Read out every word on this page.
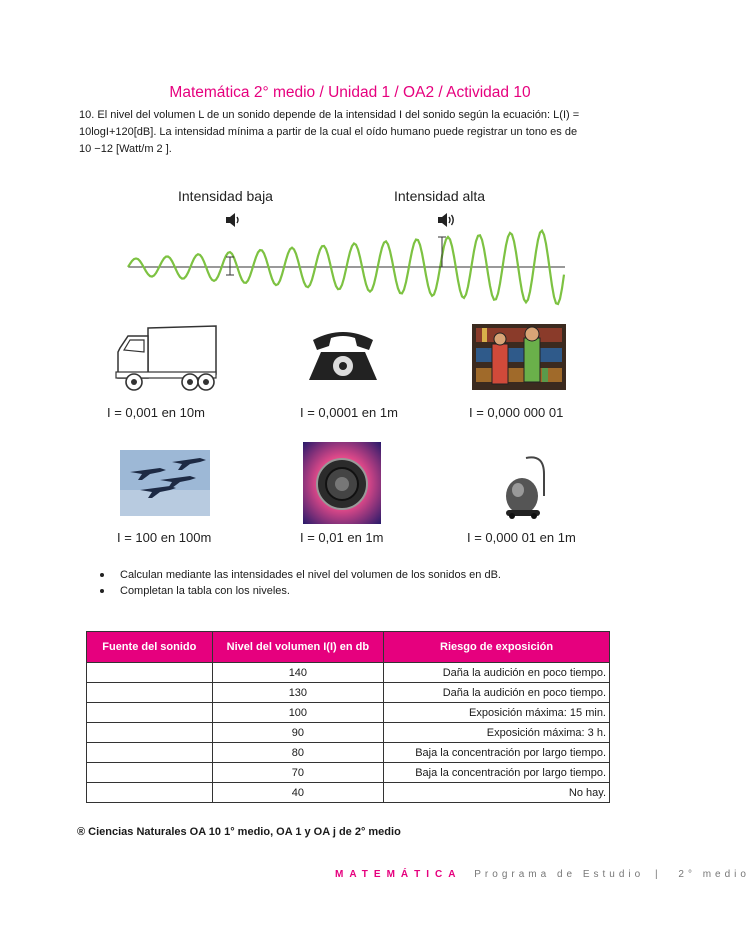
Matemática 2° medio / Unidad 1 / OA2 / Actividad 10
10. El nivel del volumen L de un sonido depende de la intensidad I del sonido según la ecuación: L(I) =
10logI+120[dB]. La intensidad mínima a partir de la cual el oído humano puede registrar un tono es de
10 −12 [Watt/m 2 ].
Intensidad baja	Intensidad alta
I = 0,001 en 10m	I = 0,0001 en 1m	I = 0,000 000 01
I = 100 en 100m	I = 0,01 en 1m	I = 0,000 01 en 1m
Calculan mediante las intensidades el nivel del volumen de los sonidos en dB.
Completan la tabla con los niveles.
Fuente del sonido	Nivel del volumen I(I) en db	Riesgo de exposición
	140	Daña la audición en poco tiempo.
	130	Daña la audición en poco tiempo.
	100	Exposición máxima: 15 min.
	90	Exposición máxima: 3 h.
	80	Baja la concentración por largo tiempo.
	70	Baja la concentración por largo tiempo.
	40	No hay.
® Ciencias Naturales OA 10 1° medio, OA 1 y OA j de 2° medio
MATEMÁTICA Programa de Estudio | 2° medio
